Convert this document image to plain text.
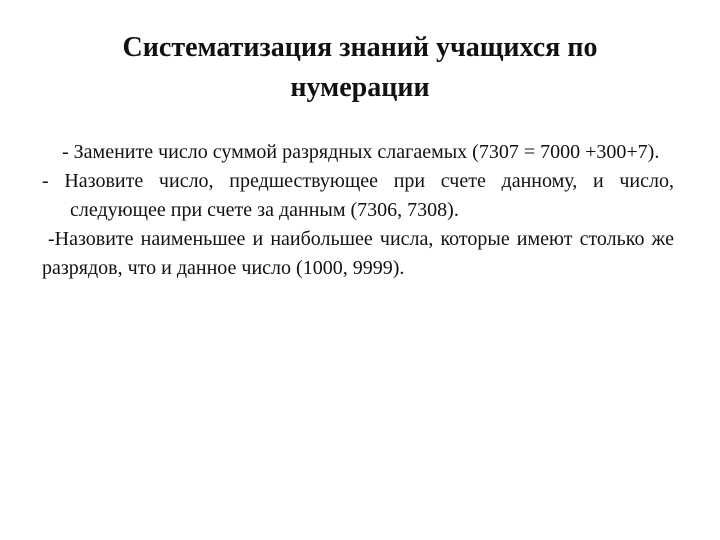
Систематизация знаний учащихся по
нумерации

- Замените число суммой разрядных слагаемых (7307 = 7000 +300+7).

- Назовите число, предшествующее при счете данному, и число, следующее при счете за данным (7306, 7308).

-Назовите наименьшее и наибольшее числа, которые имеют столько же разрядов, что и данное число (1000, 9999).
